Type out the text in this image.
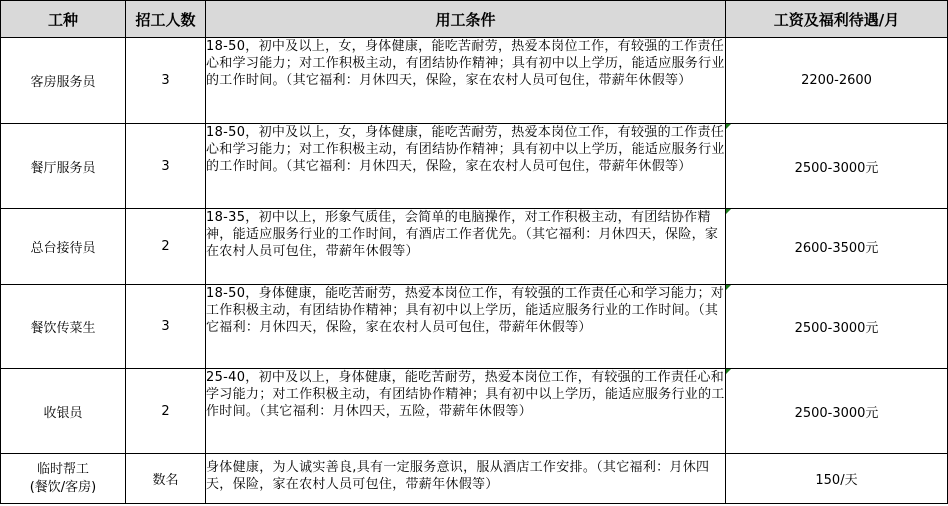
工种	招工人数	用工条件	工资及福利待遇/月
客房服务员	3	18-50，初中及以上，女，身体健康，能吃苦耐劳，热爱本岗位工作，有较强的工作责任心和学习能力；对工作积极主动，有团结协作精神；具有初中以上学历，能适应服务行业的工作时间。（其它福利：月休四天，保险，家在农村人员可包住，带薪年休假等）	2200-2600
餐厅服务员	3	18-50，初中及以上，女，身体健康，能吃苦耐劳，热爱本岗位工作，有较强的工作责任心和学习能力；对工作积极主动，有团结协作精神；具有初中以上学历，能适应服务行业的工作时间。（其它福利：月休四天，保险，家在农村人员可包住，带薪年休假等）	2500-3000元
总台接待员	2	18-35，初中以上，形象气质佳，会简单的电脑操作，对工作积极主动，有团结协作精神，能适应服务行业的工作时间，有酒店工作者优先。（其它福利：月休四天，保险，家在农村人员可包住，带薪年休假等）	2600-3500元
餐饮传菜生	3	18-50，身体健康，能吃苦耐劳，热爱本岗位工作，有较强的工作责任心和学习能力；对工作积极主动，有团结协作精神；具有初中以上学历，能适应服务行业的工作时间。（其它福利：月休四天，保险，家在农村人员可包住，带薪年休假等）	2500-3000元
收银员	2	25-40，初中及以上，身体健康，能吃苦耐劳，热爱本岗位工作，有较强的工作责任心和学习能力；对工作积极主动，有团结协作精神；具有初中以上学历，能适应服务行业的工作时间。（其它福利：月休四天，五险，带薪年休假等）	2500-3000元

临时帮工
(餐饮/客房)	数名	身体健康，为人诚实善良,具有一定服务意识，服从酒店工作安排。（其它福利：月休四天，保险，家在农村人员可包住，带薪年休假等）	150/天
